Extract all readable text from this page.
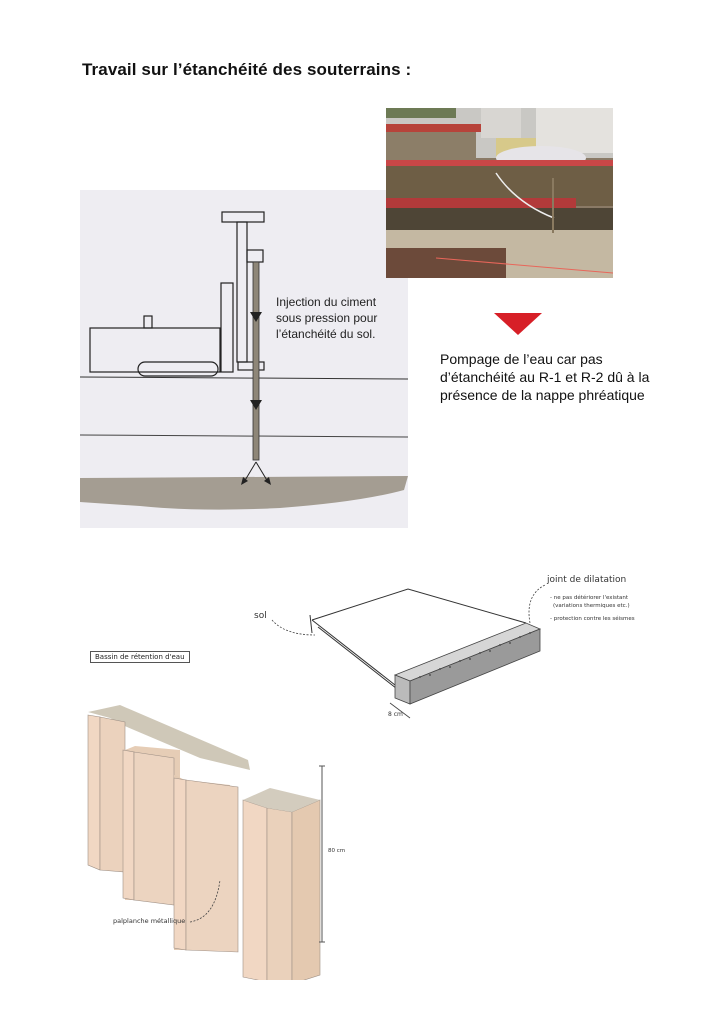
Travail sur l’étanchéité des souterrains :
Injection du ciment
sous pression pour
l’étanchéité du sol.
Pompage de l’eau car pas
d’étanchéité au R-1 et R-2 dû à la
présence de la nappe phréatique
sol
joint de dilatation
- ne pas détériorer l'existant
(variations thermiques etc.)
- protection contre les séismes
8 cm
Bassin de rétention d'eau
80 cm
palplanche métallique
